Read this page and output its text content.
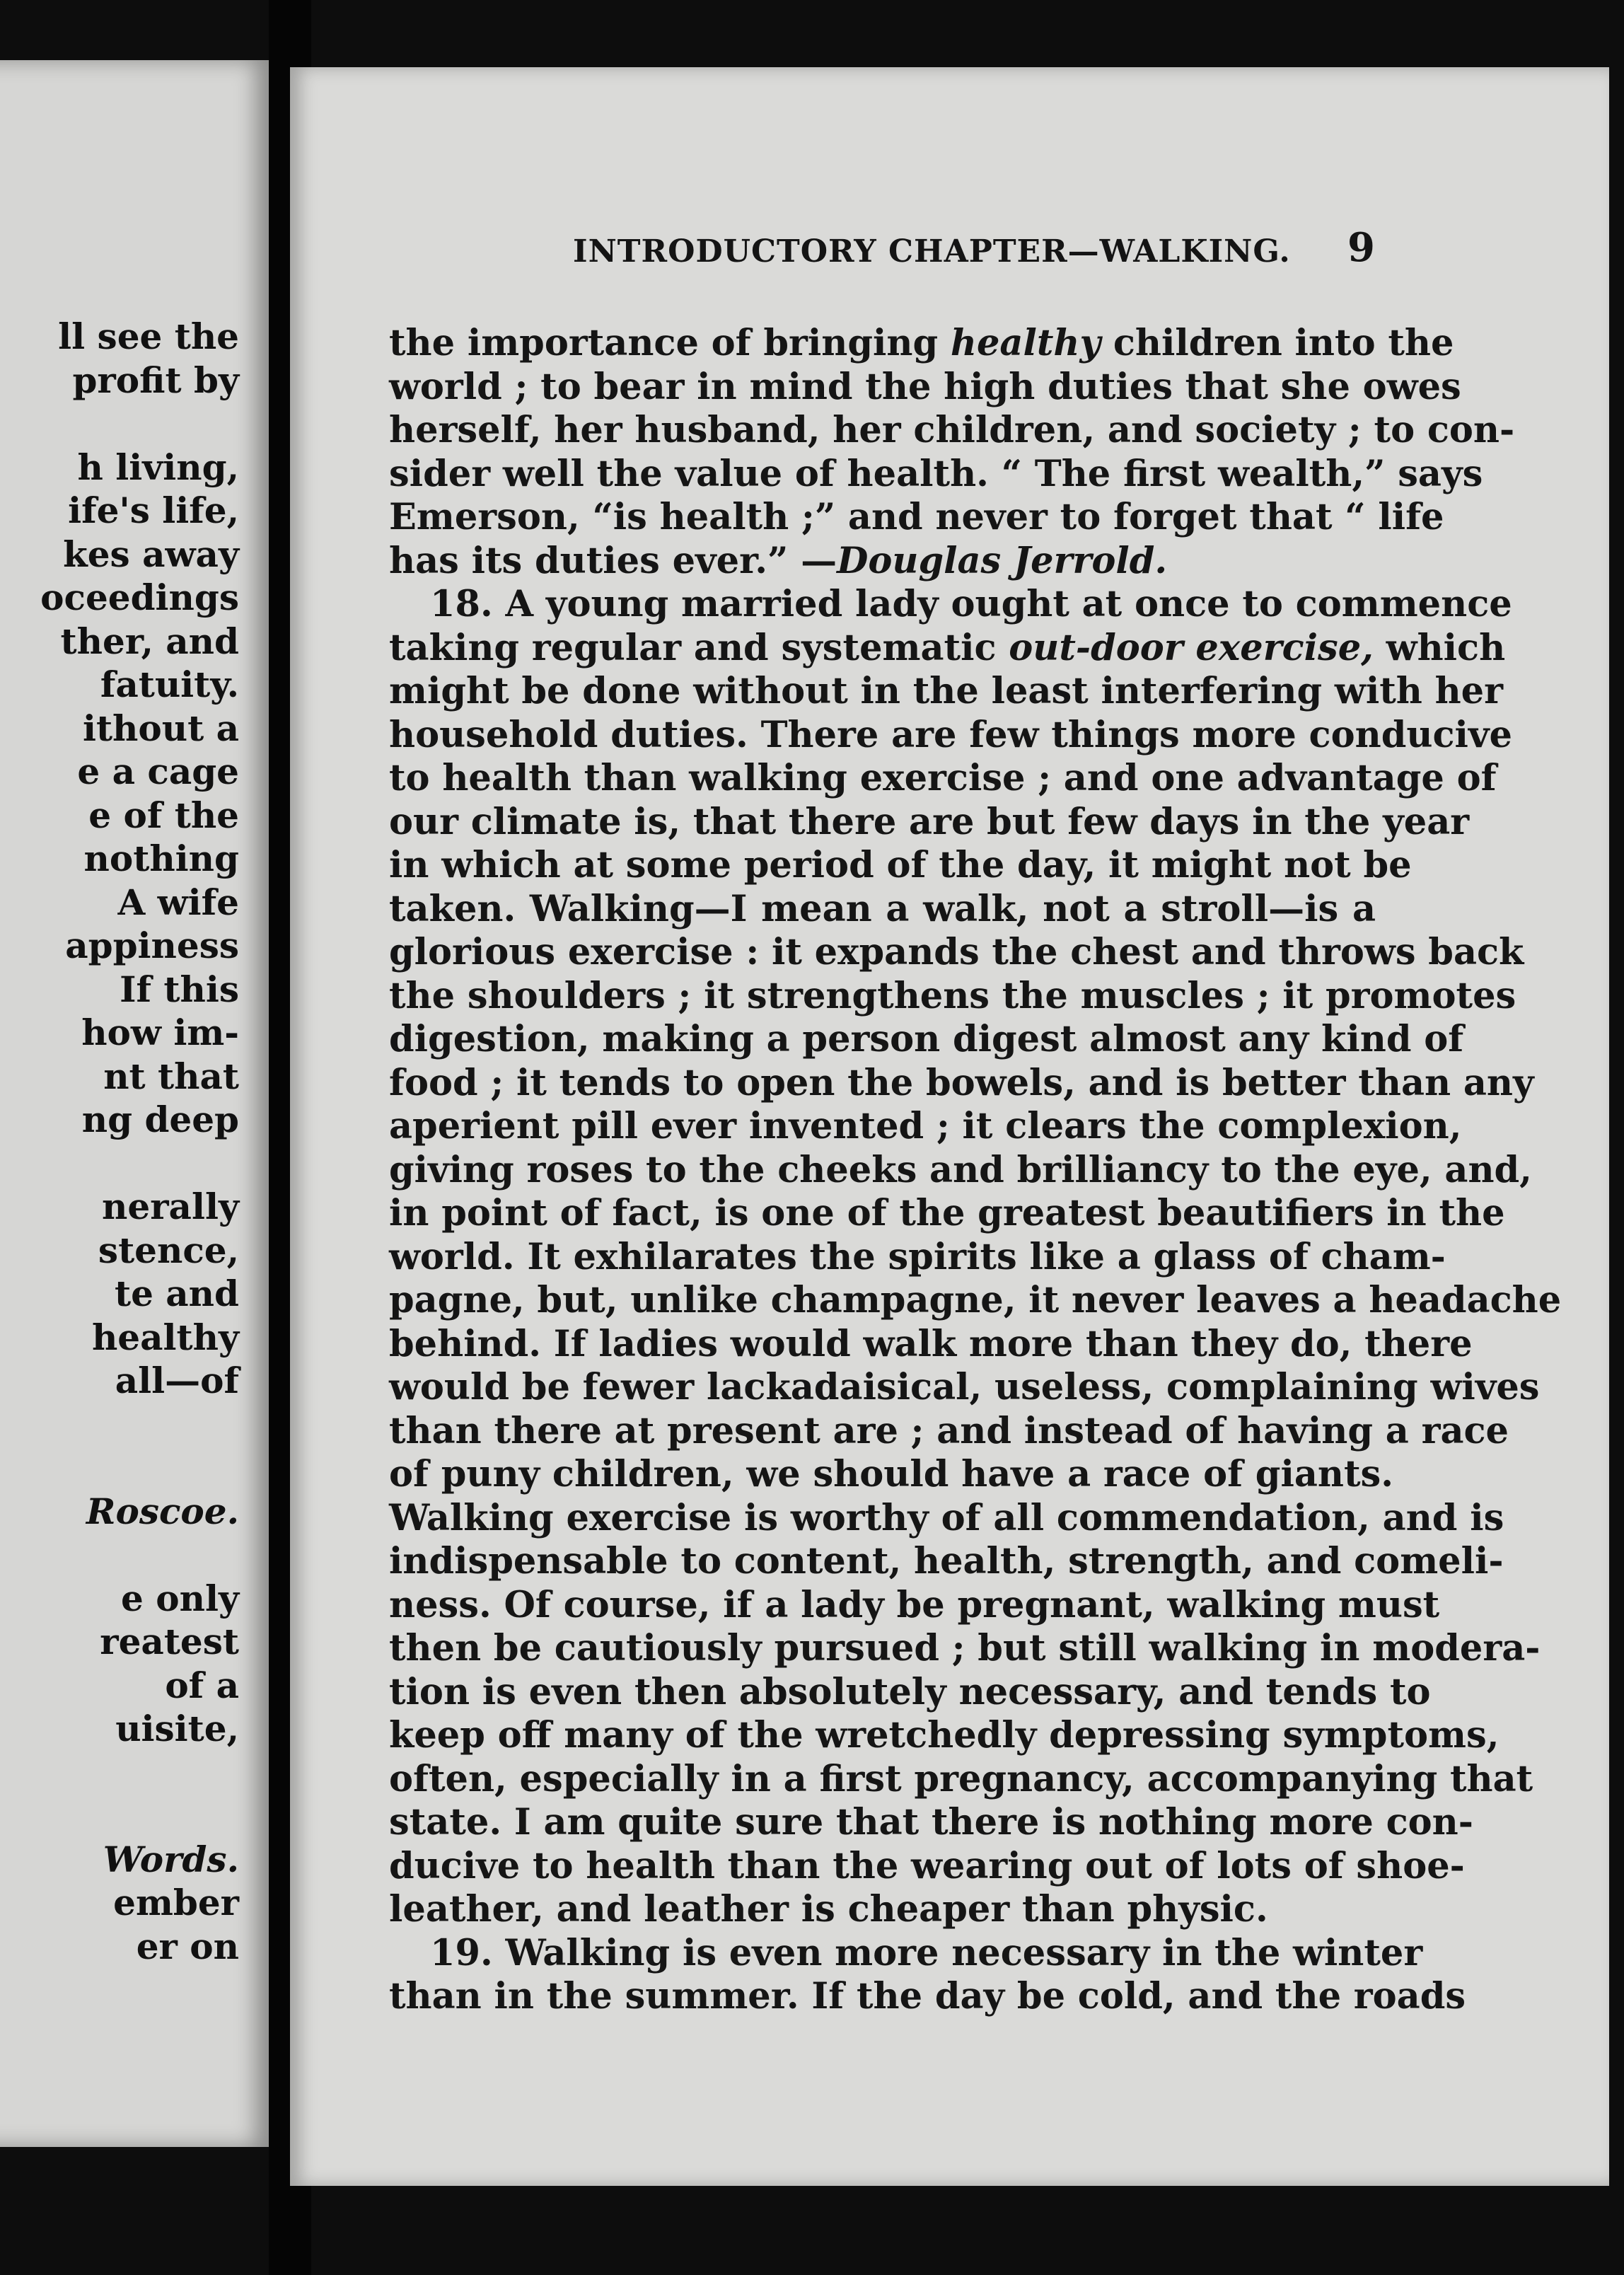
ll see the
profit by

h living,
ife's life,
kes away
oceedings
ther, and
fatuity.
ithout a
e a cage
e of the
nothing
A wife
appiness
If this
how im-
nt that
ng deep

nerally
stence,
te and
healthy
all—of

Roscoe.

e only
reatest
of a
uisite,

Words.
ember
er on
INTRODUCTORY CHAPTER—WALKING.	9
the importance of bringing healthy children into the
world ; to bear in mind the high duties that she owes
herself, her husband, her children, and society ; to con-
sider well the value of health. “ The first wealth,” says
Emerson, “is health ;” and never to forget that “ life
has its duties ever.” —Douglas Jerrold.
18. A young married lady ought at once to commence
taking regular and systematic out-door exercise, which
might be done without in the least interfering with her
household duties. There are few things more conducive
to health than walking exercise ; and one advantage of
our climate is, that there are but few days in the year
in which at some period of the day, it might not be
taken. Walking—I mean a walk, not a stroll—is a
glorious exercise : it expands the chest and throws back
the shoulders ; it strengthens the muscles ; it promotes
digestion, making a person digest almost any kind of
food ; it tends to open the bowels, and is better than any
aperient pill ever invented ; it clears the complexion,
giving roses to the cheeks and brilliancy to the eye, and,
in point of fact, is one of the greatest beautifiers in the
world. It exhilarates the spirits like a glass of cham-
pagne, but, unlike champagne, it never leaves a headache
behind. If ladies would walk more than they do, there
would be fewer lackadaisical, useless, complaining wives
than there at present are ; and instead of having a race
of puny children, we should have a race of giants.
Walking exercise is worthy of all commendation, and is
indispensable to content, health, strength, and comeli-
ness. Of course, if a lady be pregnant, walking must
then be cautiously pursued ; but still walking in modera-
tion is even then absolutely necessary, and tends to
keep off many of the wretchedly depressing symptoms,
often, especially in a first pregnancy, accompanying that
state. I am quite sure that there is nothing more con-
ducive to health than the wearing out of lots of shoe-
leather, and leather is cheaper than physic.
19. Walking is even more necessary in the winter
than in the summer. If the day be cold, and the roads
